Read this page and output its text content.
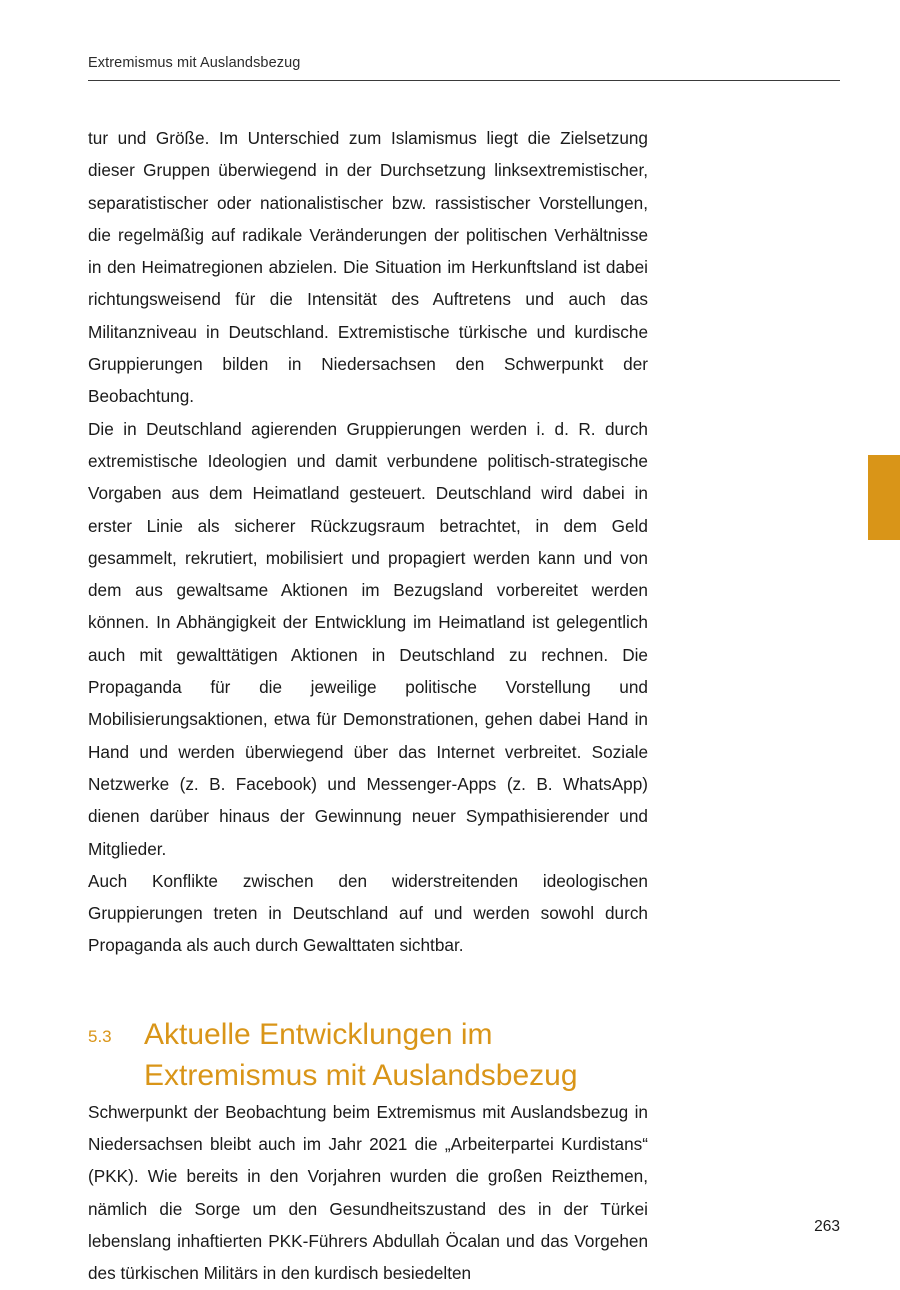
Extremismus mit Auslandsbezug

tur und Größe. Im Unterschied zum Islamismus liegt die Zielsetzung dieser Gruppen überwiegend in der Durchsetzung linksextremistischer, separatistischer oder nationalistischer bzw. rassistischer Vorstellungen, die regelmäßig auf radikale Veränderungen der politischen Verhältnisse in den Heimatregionen abzielen. Die Situation im Herkunftsland ist dabei richtungsweisend für die Intensität des Auftretens und auch das Militanzniveau in Deutschland. Extremistische türkische und kurdische Gruppierungen bilden in Niedersachsen den Schwerpunkt der Beobachtung.

Die in Deutschland agierenden Gruppierungen werden i. d. R. durch extremistische Ideologien und damit verbundene politisch-strategische Vorgaben aus dem Heimatland gesteuert. Deutschland wird dabei in erster Linie als sicherer Rückzugsraum betrachtet, in dem Geld gesammelt, rekrutiert, mobilisiert und propagiert werden kann und von dem aus gewaltsame Aktionen im Bezugsland vorbereitet werden können. In Abhängigkeit der Entwicklung im Heimatland ist gelegentlich auch mit gewalttätigen Aktionen in Deutschland zu rechnen. Die Propaganda für die jeweilige politische Vorstellung und Mobilisierungsaktionen, etwa für Demonstrationen, gehen dabei Hand in Hand und werden überwiegend über das Internet verbreitet. Soziale Netzwerke (z. B. Facebook) und Messenger-Apps (z. B. WhatsApp) dienen darüber hinaus der Gewinnung neuer Sympathisierender und Mitglieder.

Auch Konflikte zwischen den widerstreitenden ideologischen Gruppierungen treten in Deutschland auf und werden sowohl durch Propaganda als auch durch Gewalttaten sichtbar.

5.3	Aktuelle Entwicklungen im Extremismus mit Auslandsbezug

Schwerpunkt der Beobachtung beim Extremismus mit Auslandsbezug in Niedersachsen bleibt auch im Jahr 2021 die „Arbeiterpartei Kurdistans“ (PKK). Wie bereits in den Vorjahren wurden die großen Reizthemen, nämlich die Sorge um den Gesundheitszustand des in der Türkei lebenslang inhaftierten PKK-Führers Abdullah Öcalan und das Vorgehen des türkischen Militärs in den kurdisch besiedelten

263
